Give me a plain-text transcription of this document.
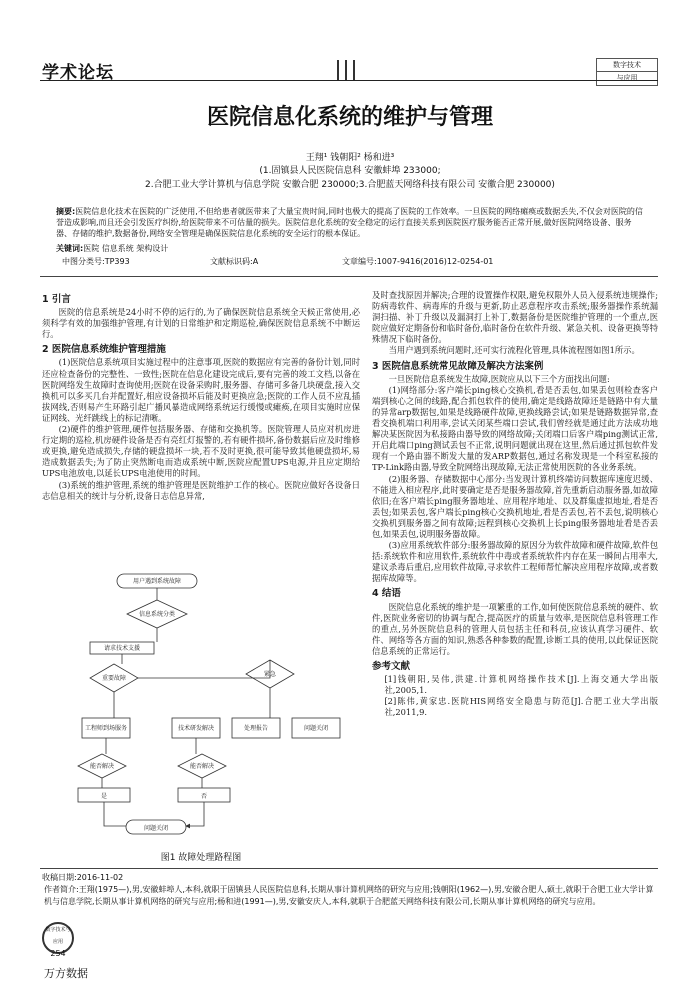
学术论坛	数字技术
与应用
医院信息化系统的维护与管理
王翔¹ 钱朝阳² 杨和进³
(1.固镇县人民医院信息科 安徽蚌埠 233000;
2.合肥工业大学计算机与信息学院 安徽合肥 230000;3.合肥蓝天网络科技有限公司 安徽合肥 230000)
摘要:医院信息化技术在医院的广泛使用,不但给患者就医带来了大量宝贵时间,同时也极大的提高了医院的工作效率。一旦医院的网络瘫痪或数据丢失,不仅会对医院的信誉造成影响,而且还会引发医疗纠纷,给医院带来不可估量的损失。医院信息化系统的安全稳定的运行直接关系到医院医疗服务能否正常开展,做好医院网络设备、服务器、存储的维护,数据备份,网络安全管理是确保医院信息化系统的安全运行的根本保证。
关键词:医院 信息系统 架构设计
中图分类号:TP393	文献标识码:A	文章编号:1007-9416(2016)12-0254-01
1 引言

医院的信息系统是24小时不停的运行的,为了确保医院信息系统全天候正常使用,必须科学有效的加强维护管理,有计划的日常维护和定期巡检,确保医院信息系统不中断运行。

2 医院信息系统维护管理措施

(1)医院信息系统项目实施过程中的注意事项,医院的数据应有完善的备份计划,同时还应检查备份的完整性、一致性;医院在信息化建设完成后,要有完善的竣工文档,以备在医院网络发生故障时查询使用;医院在设备采购时,服务器、存储可多备几块硬盘,接入交换机可以多买几台并配置好,相应设备损坏后能及时更换应急;医院的工作人员不应乱插拔网线,否则易产生环路引起广播风暴造成网络系统运行缓慢或瘫痪,在项目实施时应保证网线、光纤跳线上的标记清晰。

(2)硬件的维护管理,硬件包括服务器、存储和交换机等。医院管理人员应对机房进行定期的巡检,机房硬件设备是否有亮红灯报警的,若有硬件损坏,备份数据后应及时维修或更换,避免造成损失,存储的硬盘损坏一块,若不及时更换,很可能导致其他硬盘损坏,易造成数据丢失;为了防止突然断电而造成系统中断,医院应配置UPS电源,并且应定期给UPS电池放电,以延长UPS电池使用的时间。

(3)系统的维护管理,系统的维护管理是医院维护工作的核心。医院应做好各设备日志信息相关的统计与分析,设备日志信息异常,

用户遇到系统故障
信息系统分类
请求技术支援
重要故障
紧急
工程师到场服务	技术研发解决	处理报告	问题关闭
能否解决	能否解决
是	否
问题关闭
图1 故障处理路程图

及时查找原因并解决;合理的设置操作权限,避免权限外人员入侵系统违规操作;防病毒软件、病毒库的升级与更新,防止恶意程序攻击系统;服务器操作系统漏洞扫描、补丁升级以及漏洞打上补丁,数据备份是医院维护管理的一个重点,医院应做好定期备份和临时备份,临时备份在软件升级、紧急关机、设备更换等特殊情况下临时备份。

当用户遇到系统问题时,还可实行流程化管理,具体流程图如图1所示。

3 医院信息系统常见故障及解决方法案例

一旦医院信息系统发生故障,医院应从以下三个方面找出问题:

(1)网络部分:客户端长ping核心交换机,看是否丢包,如果丢包则检查客户端到核心之间的线路,配合抓包软件的使用,确定是线路故障还是链路中有大量的异常arp数据包,如果是线路硬件故障,更换线路尝试;如果是链路数据异常,查看交换机端口利用率,尝试关闭某些端口尝试,我们曾经就是通过此方法成功地解决某医院因为私接路由器导致的网络故障;关闭端口后客户端ping测试正常,开启此端口ping测试丢包不正常,说明问题就出现在这里,然后通过抓包软件发现有一个路由器不断发大量的发ARP数据包,通过名称发现是一个科室私接的TP-Link路由器,导致全院网络出现故障,无法正常使用医院的各业务系统。

(2)服务器、存储数据中心部分:当发现计算机终端访问数据库速度迟缓、不能进入相应程序,此时要确定是否是服务器故障,首先重新启动服务器,如故障依旧;在客户端长ping服务器地址、应用程序地址、以及群集虚拟地址,看是否丢包;如果丢包,客户端长ping核心交换机地址,看是否丢包,若不丢包,说明核心交换机到服务器之间有故障;远程到核心交换机上长ping服务器地址看是否丢包,如果丢包,说明服务器故障。

(3)应用系统软件部分:服务器故障的原因分为软件故障和硬件故障,软件包括:系统软件和应用软件,系统软件中毒或者系统软件内存在某一瞬间占用率大,建议杀毒后重启,应用软件故障,寻求软件工程师帮忙解决应用程序故障,或者数据库故障等。

4 结语

医院信息化系统的维护是一项繁重的工作,如何使医院信息系统的硬件、软件,医院业务密切的协调与配合,提高医疗的质量与效率,是医院信息科管理工作的重点,另外医院信息科的管理人员包括主任和科员,应该认真学习硬件、软件、网络等各方面的知识,熟悉各种参数的配置,诊断工具的使用,以此保证医院信息系统的正常运行。

参考文献

[1]钱朝阳,吴伟,洪建.计算机网络操作技术[J].上海交通大学出版社,2005,1.

[2]陈伟,黄家忠.医院HIS网络安全隐患与防范[J].合肥工业大学出版社,2011,9.

收稿日期:2016-11-02
作者简介:王翔(1975—),男,安徽蚌埠人,本科,就职于固镇县人民医院信息科,长期从事计算机网络的研究与应用;钱朝阳(1962—),男,安徽合肥人,硕士,就职于合肥工业大学计算机与信息学院,长期从事计算机网络的研究与应用;杨和进(1991—),男,安徽安庆人,本科,就职于合肥蓝天网络科技有限公司,长期从事计算机网络的研究与应用。
数字技术与应用
254
万方数据
